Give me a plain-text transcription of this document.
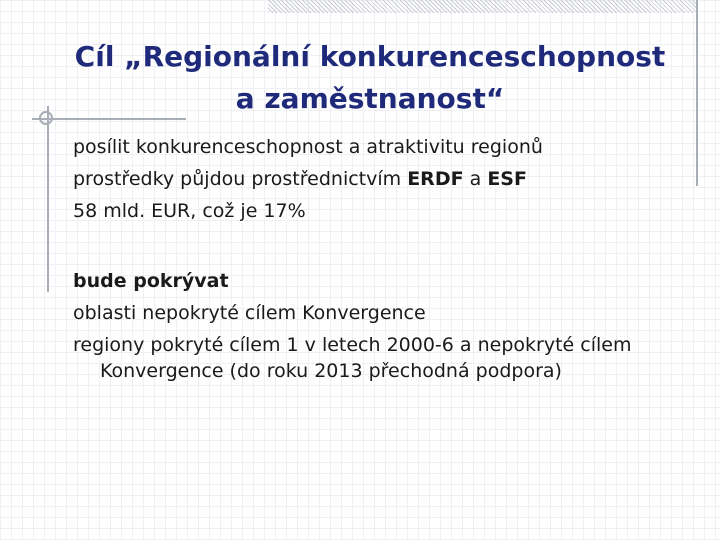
Cíl „Regionální konkurenceschopnost
a zaměstnanost“
posílit konkurenceschopnost a atraktivitu regionů
prostředky půjdou prostřednictvím ERDF a ESF
58 mld. EUR, což je 17%
bude pokrývat
oblasti nepokryté cílem Konvergence
regiony pokryté cílem 1 v letech 2000-6 a nepokryté cílem Konvergence (do roku 2013 přechodná podpora)
